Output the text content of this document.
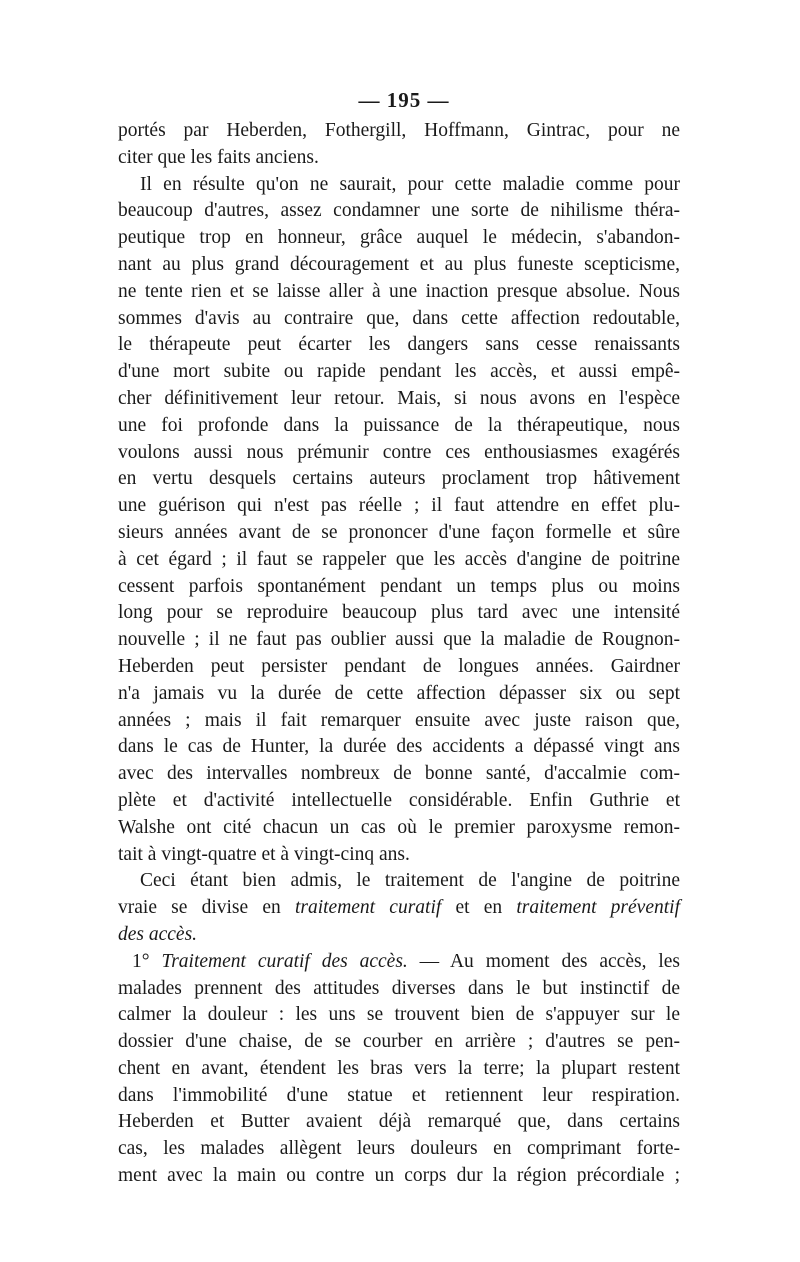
— 195 —
portés par Heberden, Fothergill, Hoffmann, Gintrac, pour ne
citer que les faits anciens.
Il en résulte qu'on ne saurait, pour cette maladie comme pour
beaucoup d'autres, assez condamner une sorte de nihilisme théra-
peutique trop en honneur, grâce auquel le médecin, s'abandon-
nant au plus grand découragement et au plus funeste scepticisme,
ne tente rien et se laisse aller à une inaction presque absolue. Nous
sommes d'avis au contraire que, dans cette affection redoutable,
le thérapeute peut écarter les dangers sans cesse renaissants
d'une mort subite ou rapide pendant les accès, et aussi empê-
cher définitivement leur retour. Mais, si nous avons en l'espèce
une foi profonde dans la puissance de la thérapeutique, nous
voulons aussi nous prémunir contre ces enthousiasmes exagérés
en vertu desquels certains auteurs proclament trop hâtivement
une guérison qui n'est pas réelle ; il faut attendre en effet plu-
sieurs années avant de se prononcer d'une façon formelle et sûre
à cet égard ; il faut se rappeler que les accès d'angine de poitrine
cessent parfois spontanément pendant un temps plus ou moins
long pour se reproduire beaucoup plus tard avec une intensité
nouvelle ; il ne faut pas oublier aussi que la maladie de Rougnon-
Heberden peut persister pendant de longues années. Gairdner
n'a jamais vu la durée de cette affection dépasser six ou sept
années ; mais il fait remarquer ensuite avec juste raison que,
dans le cas de Hunter, la durée des accidents a dépassé vingt ans
avec des intervalles nombreux de bonne santé, d'accalmie com-
plète et d'activité intellectuelle considérable. Enfin Guthrie et
Walshe ont cité chacun un cas où le premier paroxysme remon-
tait à vingt-quatre et à vingt-cinq ans.
Ceci étant bien admis, le traitement de l'angine de poitrine
vraie se divise en traitement curatif et en traitement préventif
des accès.
1° Traitement curatif des accès. — Au moment des accès, les
malades prennent des attitudes diverses dans le but instinctif de
calmer la douleur : les uns se trouvent bien de s'appuyer sur le
dossier d'une chaise, de se courber en arrière ; d'autres se pen-
chent en avant, étendent les bras vers la terre; la plupart restent
dans l'immobilité d'une statue et retiennent leur respiration.
Heberden et Butter avaient déjà remarqué que, dans certains
cas, les malades allègent leurs douleurs en comprimant forte-
ment avec la main ou contre un corps dur la région précordiale ;
